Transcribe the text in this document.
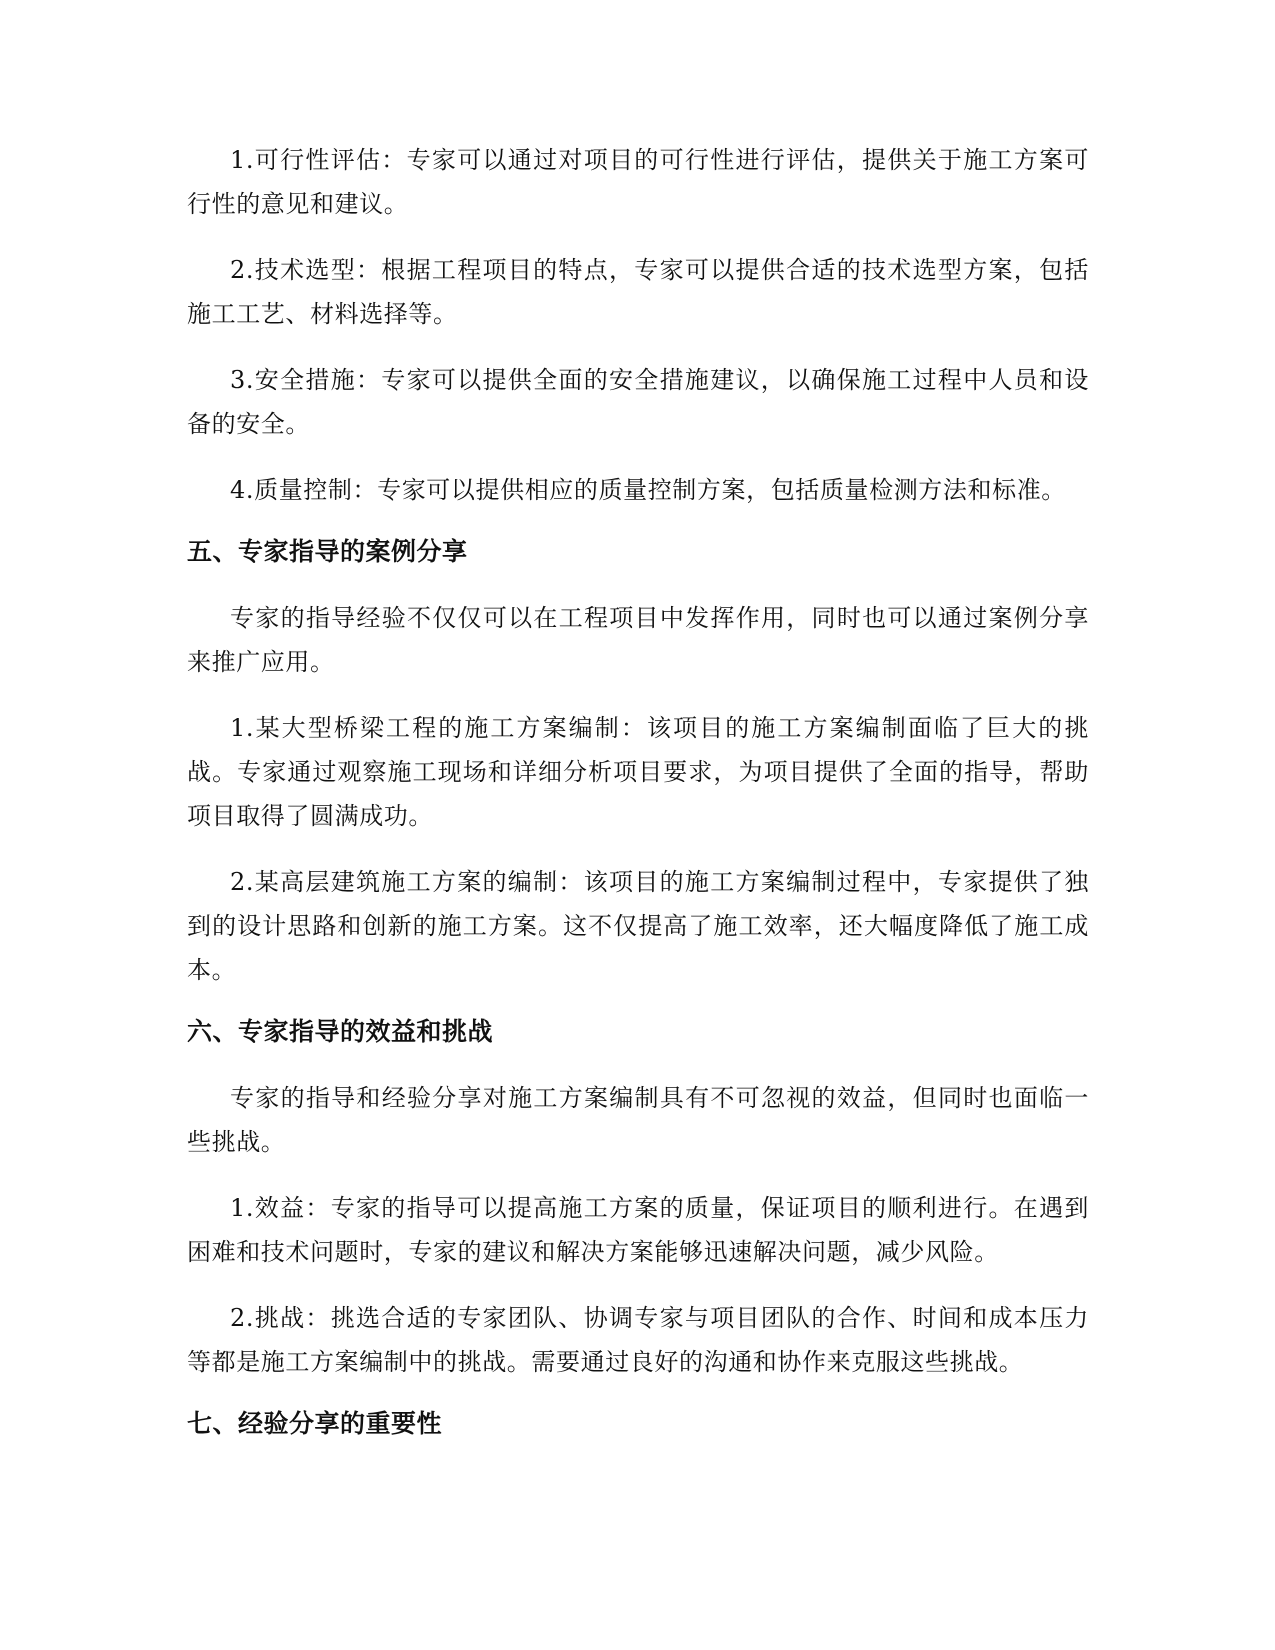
1.可行性评估：专家可以通过对项目的可行性进行评估，提供关于施工方案可行性的意见和建议。

2.技术选型：根据工程项目的特点，专家可以提供合适的技术选型方案，包括施工工艺、材料选择等。

3.安全措施：专家可以提供全面的安全措施建议，以确保施工过程中人员和设备的安全。

4.质量控制：专家可以提供相应的质量控制方案，包括质量检测方法和标准。

五、专家指导的案例分享

专家的指导经验不仅仅可以在工程项目中发挥作用，同时也可以通过案例分享来推广应用。

1.某大型桥梁工程的施工方案编制：该项目的施工方案编制面临了巨大的挑战。专家通过观察施工现场和详细分析项目要求，为项目提供了全面的指导，帮助项目取得了圆满成功。

2.某高层建筑施工方案的编制：该项目的施工方案编制过程中，专家提供了独到的设计思路和创新的施工方案。这不仅提高了施工效率，还大幅度降低了施工成本。

六、专家指导的效益和挑战

专家的指导和经验分享对施工方案编制具有不可忽视的效益，但同时也面临一些挑战。

1.效益：专家的指导可以提高施工方案的质量，保证项目的顺利进行。在遇到困难和技术问题时，专家的建议和解决方案能够迅速解决问题，减少风险。

2.挑战：挑选合适的专家团队、协调专家与项目团队的合作、时间和成本压力等都是施工方案编制中的挑战。需要通过良好的沟通和协作来克服这些挑战。

七、经验分享的重要性
